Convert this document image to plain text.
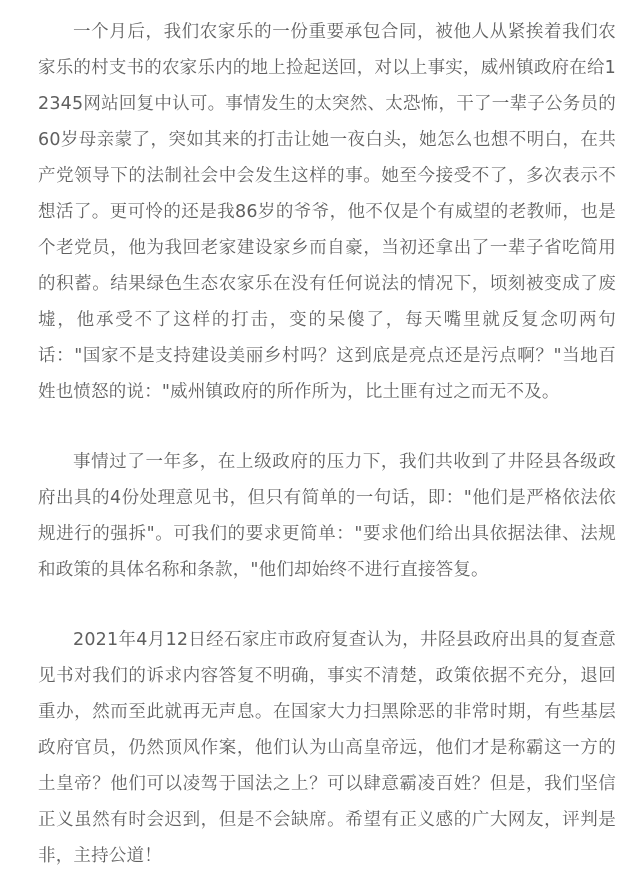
一个月后，我们农家乐的一份重要承包合同，被他人从紧挨着我们农家乐的村支书的农家乐内的地上捡起送回，对以上事实，威州镇政府在给12345网站回复中认可。事情发生的太突然、太恐怖，干了一辈子公务员的60岁母亲蒙了，突如其来的打击让她一夜白头，她怎么也想不明白，在共产党领导下的法制社会中会发生这样的事。她至今接受不了，多次表示不想活了。更可怜的还是我86岁的爷爷，他不仅是个有威望的老教师，也是个老党员，他为我回老家建设家乡而自豪，当初还拿出了一辈子省吃简用的积蓄。结果绿色生态农家乐在没有任何说法的情况下，顷刻被变成了废墟，他承受不了这样的打击，变的呆傻了，每天嘴里就反复念叨两句话："国家不是支持建设美丽乡村吗？这到底是亮点还是污点啊？"当地百姓也愤怒的说："威州镇政府的所作所为，比土匪有过之而无不及。

事情过了一年多，在上级政府的压力下，我们共收到了井陉县各级政府出具的4份处理意见书，但只有简单的一句话，即："他们是严格依法依规进行的强拆"。可我们的要求更简单："要求他们给出具依据法律、法规和政策的具体名称和条款，"他们却始终不进行直接答复。

2021年4月12日经石家庄市政府复查认为，井陉县政府出具的复查意见书对我们的诉求内容答复不明确，事实不清楚，政策依据不充分，退回重办，然而至此就再无声息。在国家大力扫黑除恶的非常时期，有些基层政府官员，仍然顶风作案，他们认为山高皇帝远，他们才是称霸这一方的土皇帝？他们可以凌驾于国法之上？可以肆意霸凌百姓？但是，我们坚信正义虽然有时会迟到，但是不会缺席。希望有正义感的广大网友，评判是非，主持公道！
